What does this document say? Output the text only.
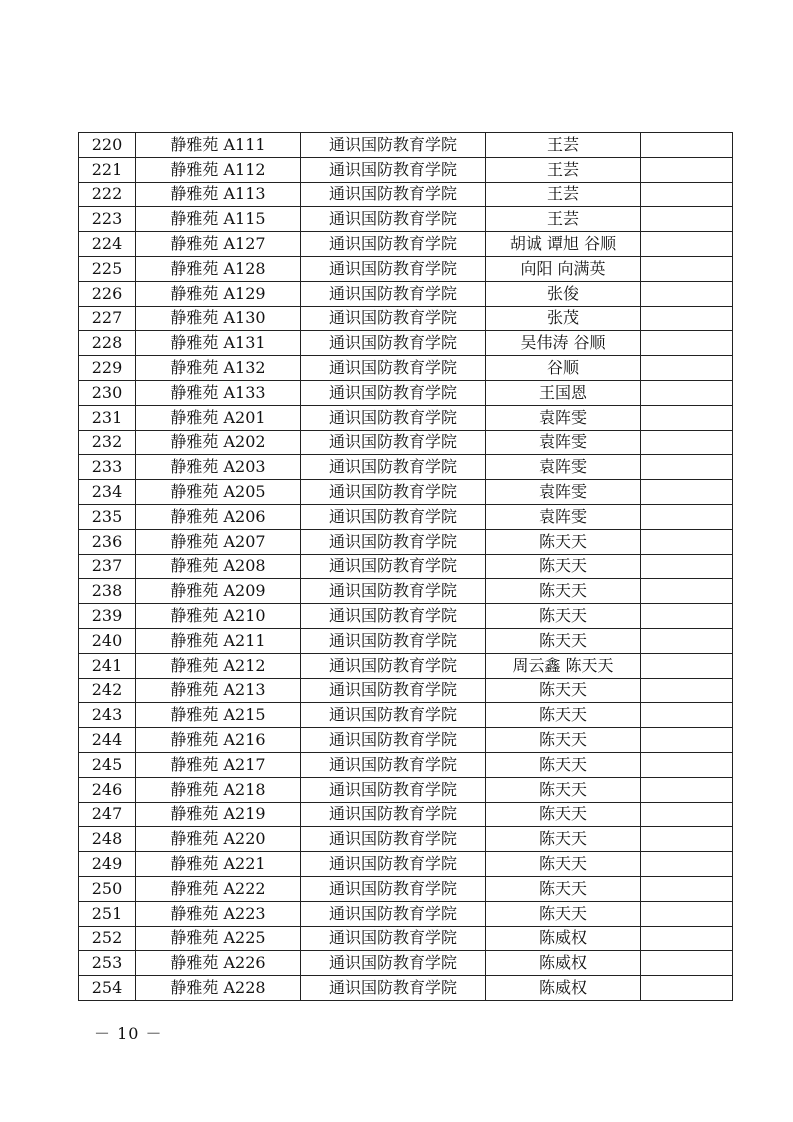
220	静雅苑 A111	通识国防教育学院	王芸	
221	静雅苑 A112	通识国防教育学院	王芸	
222	静雅苑 A113	通识国防教育学院	王芸	
223	静雅苑 A115	通识国防教育学院	王芸	
224	静雅苑 A127	通识国防教育学院	胡诚 谭旭 谷顺	
225	静雅苑 A128	通识国防教育学院	向阳 向满英	
226	静雅苑 A129	通识国防教育学院	张俊	
227	静雅苑 A130	通识国防教育学院	张茂	
228	静雅苑 A131	通识国防教育学院	吴伟涛 谷顺	
229	静雅苑 A132	通识国防教育学院	谷顺	
230	静雅苑 A133	通识国防教育学院	王国恩	
231	静雅苑 A201	通识国防教育学院	袁阵雯	
232	静雅苑 A202	通识国防教育学院	袁阵雯	
233	静雅苑 A203	通识国防教育学院	袁阵雯	
234	静雅苑 A205	通识国防教育学院	袁阵雯	
235	静雅苑 A206	通识国防教育学院	袁阵雯	
236	静雅苑 A207	通识国防教育学院	陈天天	
237	静雅苑 A208	通识国防教育学院	陈天天	
238	静雅苑 A209	通识国防教育学院	陈天天	
239	静雅苑 A210	通识国防教育学院	陈天天	
240	静雅苑 A211	通识国防教育学院	陈天天	
241	静雅苑 A212	通识国防教育学院	周云鑫 陈天天	
242	静雅苑 A213	通识国防教育学院	陈天天	
243	静雅苑 A215	通识国防教育学院	陈天天	
244	静雅苑 A216	通识国防教育学院	陈天天	
245	静雅苑 A217	通识国防教育学院	陈天天	
246	静雅苑 A218	通识国防教育学院	陈天天	
247	静雅苑 A219	通识国防教育学院	陈天天	
248	静雅苑 A220	通识国防教育学院	陈天天	
249	静雅苑 A221	通识国防教育学院	陈天天	
250	静雅苑 A222	通识国防教育学院	陈天天	
251	静雅苑 A223	通识国防教育学院	陈天天	
252	静雅苑 A225	通识国防教育学院	陈威权	
253	静雅苑 A226	通识国防教育学院	陈威权	
254	静雅苑 A228	通识国防教育学院	陈威权	
－ 10 －
